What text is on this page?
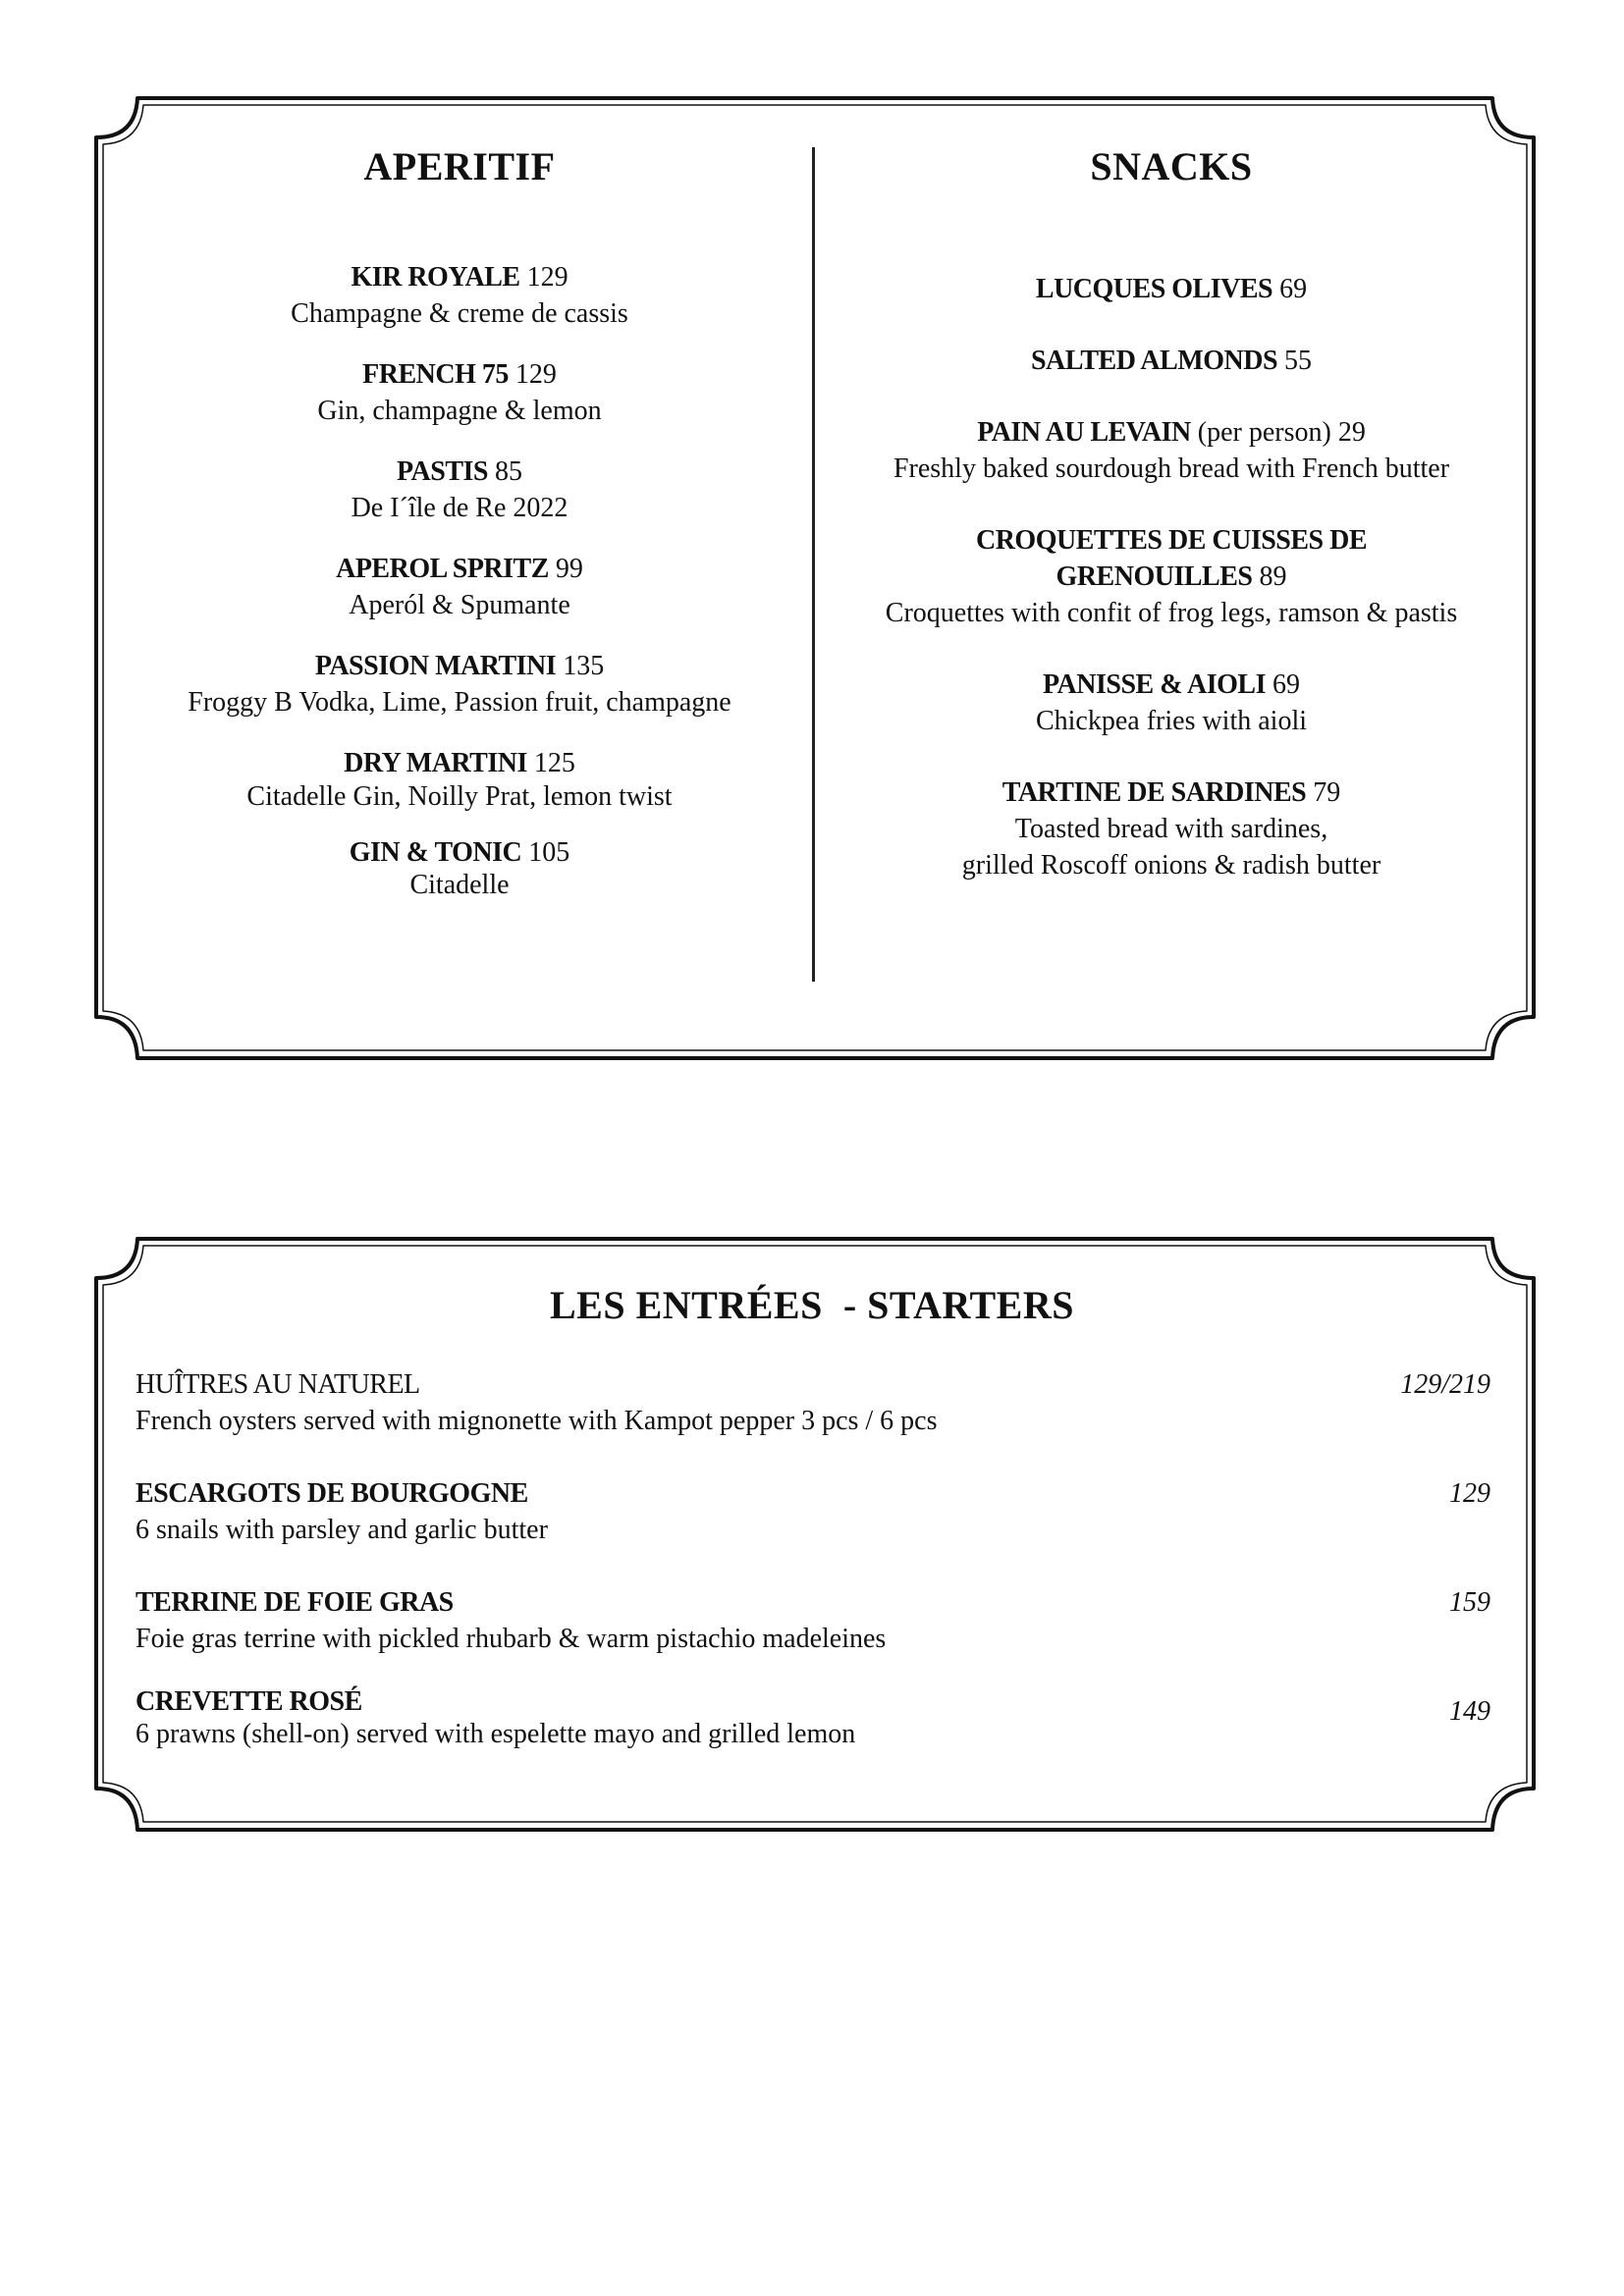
APERITIF
KIR ROYALE 129
Champagne & creme de cassis
FRENCH 75 129
Gin, champagne & lemon
PASTIS 85
De I´île de Re 2022
APEROL SPRITZ 99
Aperól & Spumante
PASSION MARTINI 135
Froggy B Vodka, Lime, Passion fruit, champagne
DRY MARTINI 125
Citadelle Gin, Noilly Prat, lemon twist
GIN & TONIC 105
Citadelle
SNACKS
LUCQUES OLIVES 69
SALTED ALMONDS 55
PAIN AU LEVAIN (per person) 29
Freshly baked sourdough bread with French butter
CROQUETTES DE CUISSES DE
GRENOUILLES 89
Croquettes with confit of frog legs, ramson & pastis
PANISSE & AIOLI 69
Chickpea fries with aioli
TARTINE DE SARDINES 79
Toasted bread with sardines,
grilled Roscoff onions & radish butter
LES ENTRÉES  - STARTERS
HUÎTRES AU NATUREL
French oysters served with mignonette with Kampot pepper 3 pcs / 6 pcs
129/219
ESCARGOTS DE BOURGOGNE
6 snails with parsley and garlic butter
129
TERRINE DE FOIE GRAS
Foie gras terrine with pickled rhubarb & warm pistachio madeleines
159
CREVETTE ROSÉ
6 prawns (shell-on) served with espelette mayo and grilled lemon
149
